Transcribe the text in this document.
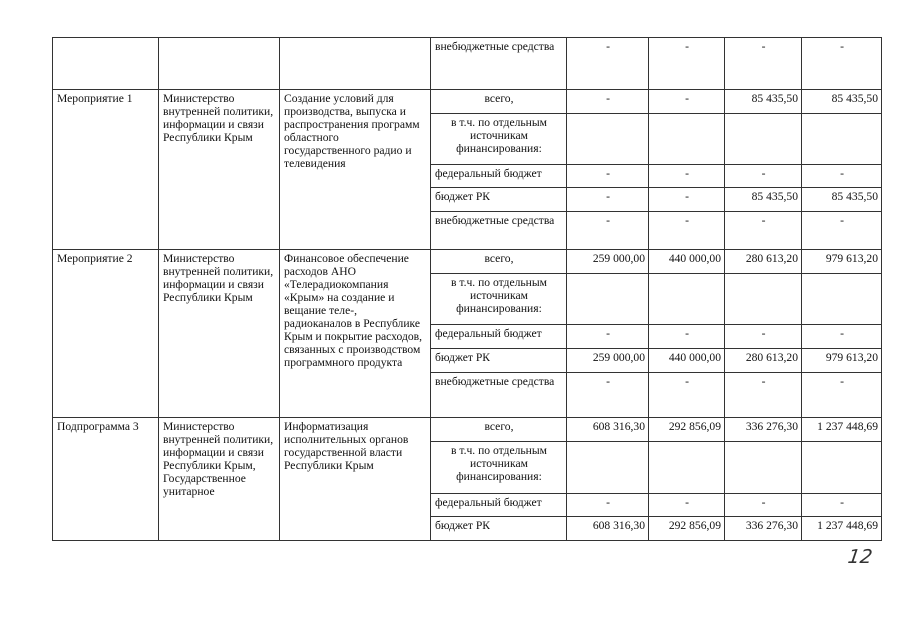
			внебюджетные средства	-	-	-	-
Мероприятие 1	Министерство внутренней политики, информации и связи Республики Крым	Создание условий для производства, выпуска и распространения программ областного государственного радио и телевидения	всего,	-	-	85 435,50	85 435,50
			в т.ч. по отдельным источникам финансирования:				
			федеральный бюджет	-	-	-	-
			бюджет РК	-	-	85 435,50	85 435,50
			внебюджетные средства	-	-	-	-
Мероприятие 2	Министерство внутренней политики, информации и связи Республики Крым	Финансовое обеспечение расходов АНО «Телерадиокомпания «Крым» на создание и вещание теле-, радиоканалов в Республике Крым и покрытие расходов, связанных с производством программного продукта	всего,	259 000,00	440 000,00	280 613,20	979 613,20
			в т.ч. по отдельным источникам финансирования:				
			федеральный бюджет	-	-	-	-
			бюджет РК	259 000,00	440 000,00	280 613,20	979 613,20
			внебюджетные средства	-	-	-	-
Подпрограмма 3	Министерство внутренней политики, информации и связи Республики Крым, Государственное унитарное	Информатизация исполнительных органов государственной власти Республики Крым	всего,	608 316,30	292 856,09	336 276,30	1 237 448,69
			в т.ч. по отдельным источникам финансирования:				
			федеральный бюджет	-	-	-	-
			бюджет РК	608 316,30	292 856,09	336 276,30	1 237 448,69
12
